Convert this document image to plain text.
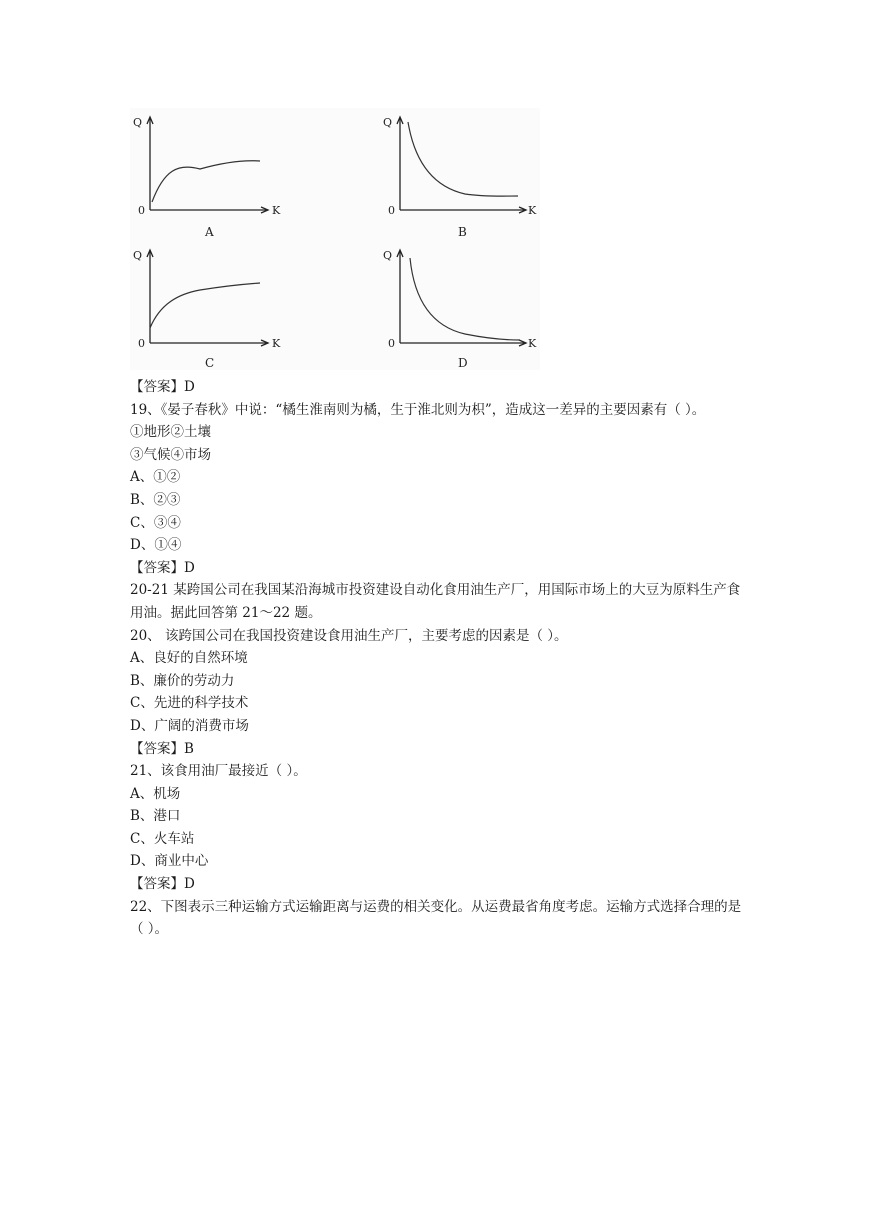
Q
K
0
A
Q
K
0
B
Q
K
0
C
Q
K
0
D
【答案】D
19、《晏子春秋》中说：“橘生淮南则为橘，生于淮北则为枳”，造成这一差异的主要因素有（ ）。
①地形②土壤
③气候④市场
A、①②
B、②③
C、③④
D、①④
【答案】D
20-21 某跨国公司在我国某沿海城市投资建设自动化食用油生产厂，用国际市场上的大豆为原料生产食用油。据此回答第 21～22 题。
20、 该跨国公司在我国投资建设食用油生产厂，主要考虑的因素是（ ）。
A、良好的自然环境
B、廉价的劳动力
C、先进的科学技术
D、广阔的消费市场
【答案】B
21、该食用油厂最接近（ ）。
A、机场
B、港口
C、火车站
D、商业中心
【答案】D
22、下图表示三种运输方式运输距离与运费的相关变化。从运费最省角度考虑。运输方式选择合理的是（ ）。
